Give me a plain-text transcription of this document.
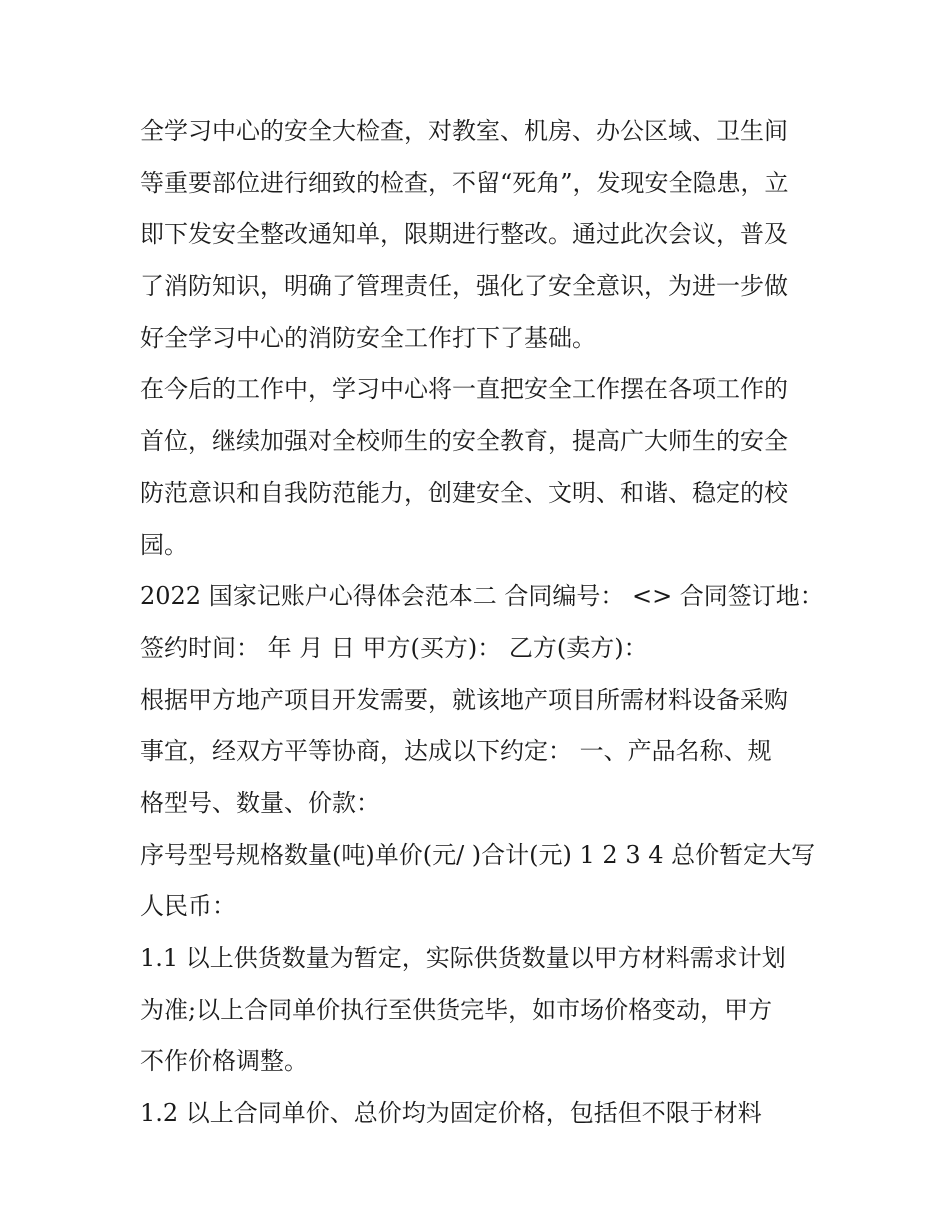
全学习中心的安全大检查，对教室、机房、办公区域、卫生间
等重要部位进行细致的检查，不留“死角”，发现安全隐患，立
即下发安全整改通知单，限期进行整改。通过此次会议，普及
了消防知识，明确了管理责任，强化了安全意识，为进一步做
好全学习中心的消防安全工作打下了基础。
在今后的工作中，学习中心将一直把安全工作摆在各项工作的
首位，继续加强对全校师生的安全教育，提高广大师生的安全
防范意识和自我防范能力，创建安全、文明、和谐、稳定的校
园。
2022 国家记账户心得体会范本二 合同编号： <> 合同签订地：
签约时间： 年 月 日 甲方(买方)： 乙方(卖方)：
根据甲方地产项目开发需要，就该地产项目所需材料设备采购
事宜，经双方平等协商，达成以下约定： 一、产品名称、规
格型号、数量、价款：
序号型号规格数量(吨)单价(元/ )合计(元) 1 2 3 4 总价暂定大写
人民币：
1.1 以上供货数量为暂定，实际供货数量以甲方材料需求计划
为准;以上合同单价执行至供货完毕，如市场价格变动，甲方
不作价格调整。
1.2 以上合同单价、总价均为固定价格，包括但不限于材料
